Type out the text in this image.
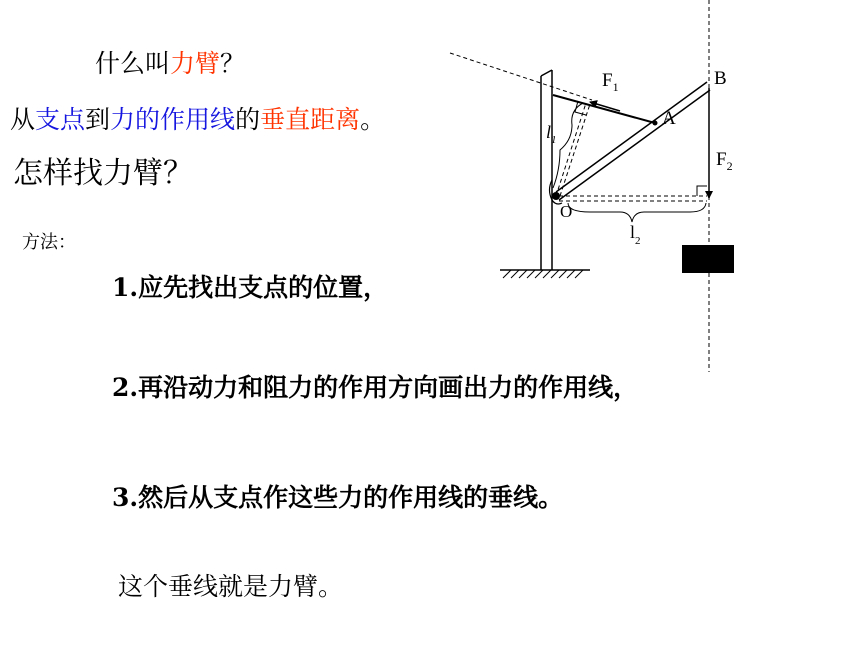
什么叫力臂？
从支点到力的作用线的垂直距离。
怎样找力臂？
方法：
1.应先找出支点的位置，
2.再沿动力和阻力的作用方向画出力的作用线，
3.然后从支点作这些力的作用线的垂线。
这个垂线就是力臂。
$F_1$	B
A
$F_2$
$l_1$
O
$l_2$
